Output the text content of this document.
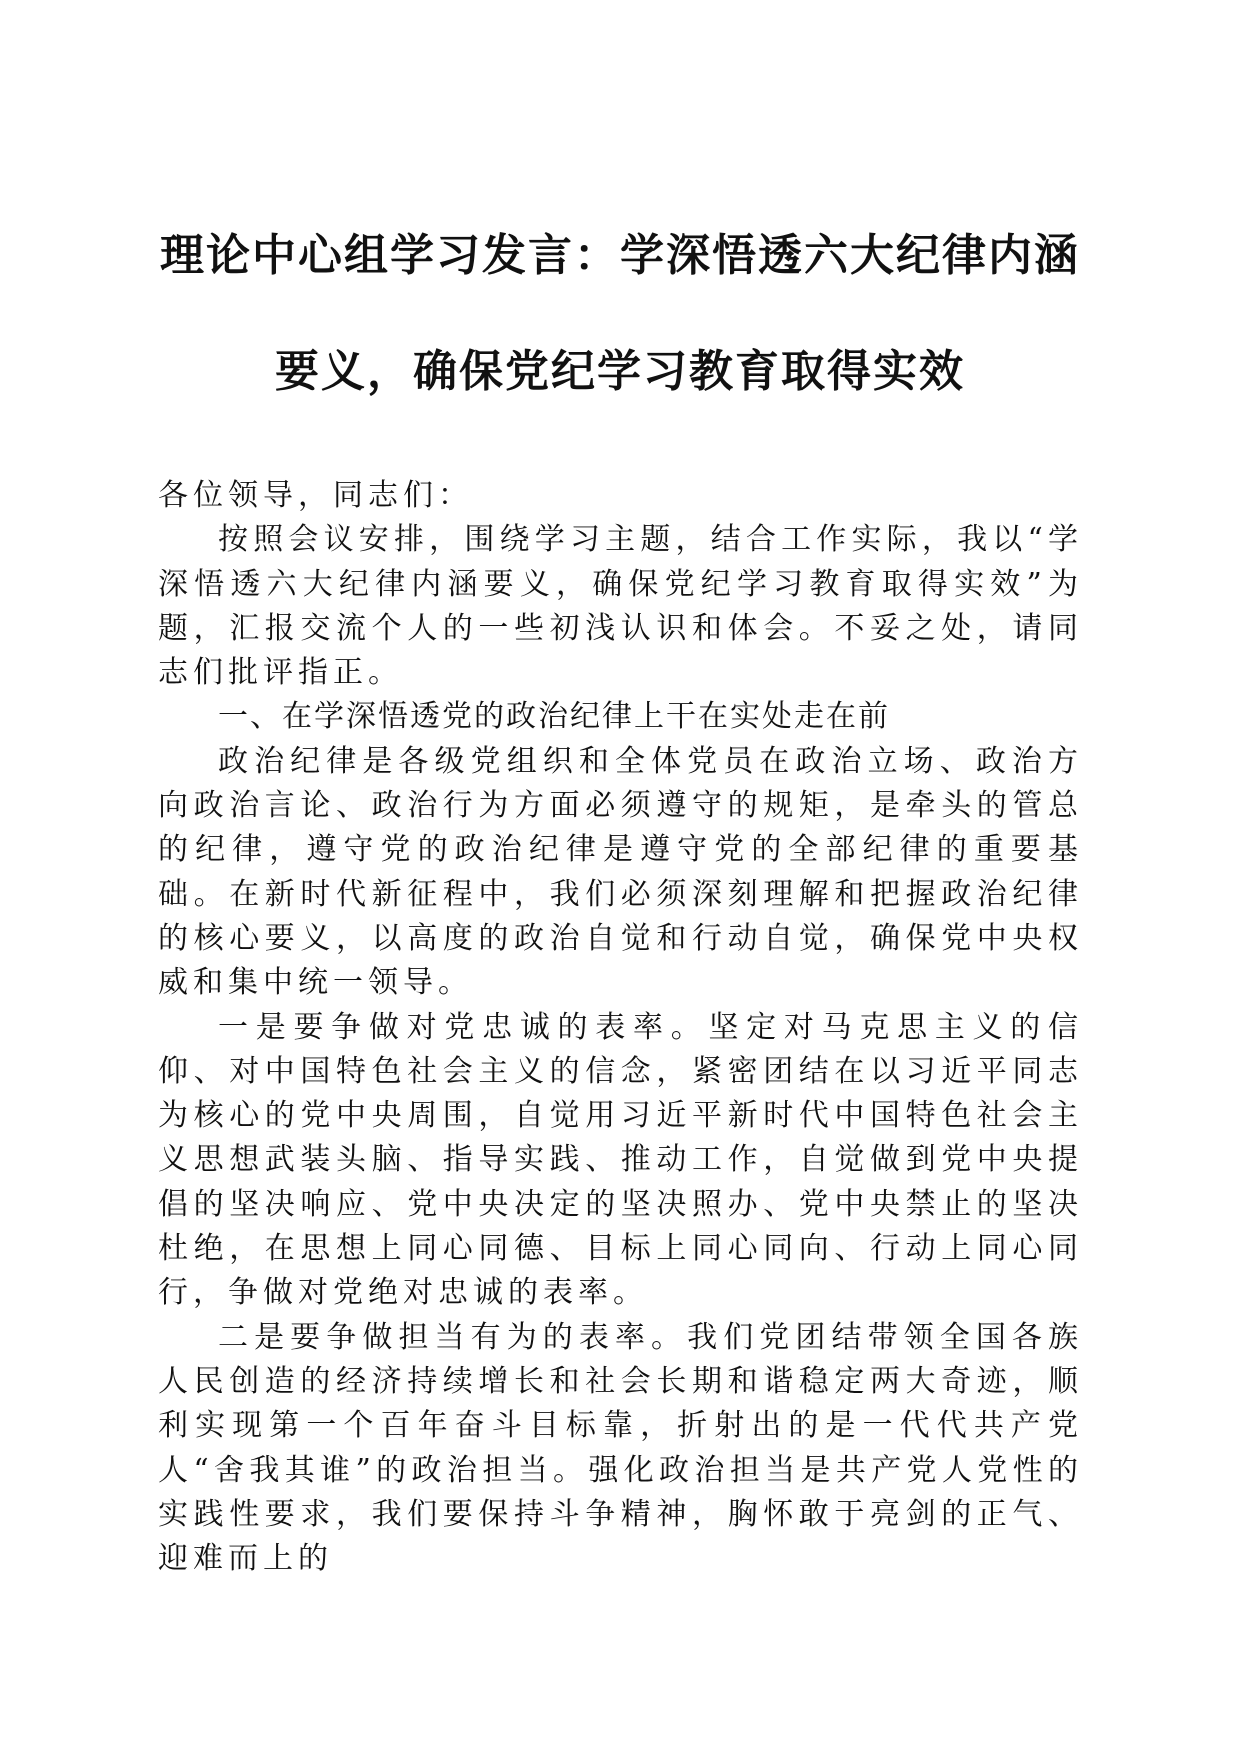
理论中心组学习发言：学深悟透六大纪律内涵
要义，确保党纪学习教育取得实效

各位领导，同志们：

按照会议安排，围绕学习主题，结合工作实际，我以“学深悟透六大纪律内涵要义，确保党纪学习教育取得实效”为题，汇报交流个人的一些初浅认识和体会。不妥之处，请同志们批评指正。

一、在学深悟透党的政治纪律上干在实处走在前

政治纪律是各级党组织和全体党员在政治立场、政治方向政治言论、政治行为方面必须遵守的规矩，是牵头的管总的纪律，遵守党的政治纪律是遵守党的全部纪律的重要基础。在新时代新征程中，我们必须深刻理解和把握政治纪律的核心要义，以高度的政治自觉和行动自觉，确保党中央权威和集中统一领导。

一是要争做对党忠诚的表率。坚定对马克思主义的信仰、对中国特色社会主义的信念，紧密团结在以习近平同志为核心的党中央周围，自觉用习近平新时代中国特色社会主义思想武装头脑、指导实践、推动工作，自觉做到党中央提倡的坚决响应、党中央决定的坚决照办、党中央禁止的坚决杜绝，在思想上同心同德、目标上同心同向、行动上同心同行，争做对党绝对忠诚的表率。

二是要争做担当有为的表率。我们党团结带领全国各族人民创造的经济持续增长和社会长期和谐稳定两大奇迹，顺利实现第一个百年奋斗目标靠，折射出的是一代代共产党人“舍我其谁”的政治担当。强化政治担当是共产党人党性的实践性要求，我们要保持斗争精神，胸怀敢于亮剑的正气、迎难而上的
